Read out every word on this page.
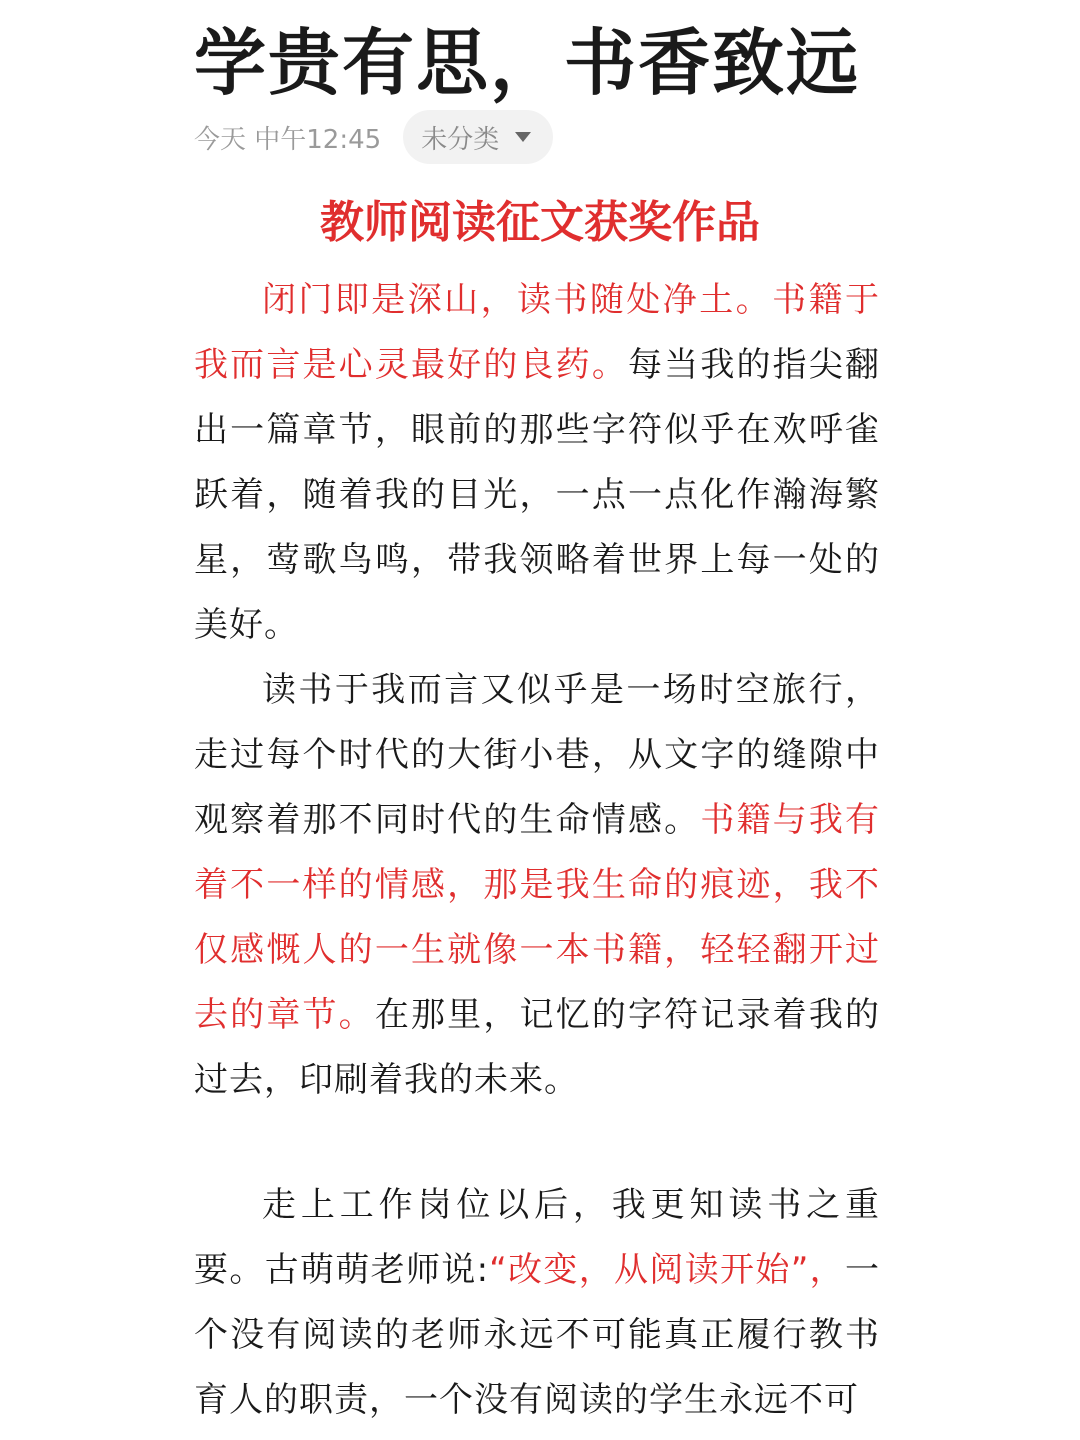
学贵有思，书香致远
今天 中午12:45 未分类
教师阅读征文获奖作品

闭门即是深山，读书随处净土。书籍于我而言是心灵最好的良药。每当我的指尖翻出一篇章节，眼前的那些字符似乎在欢呼雀跃着，随着我的目光，一点一点化作瀚海繁星，莺歌鸟鸣，带我领略着世界上每一处的美好。

读书于我而言又似乎是一场时空旅行，走过每个时代的大街小巷，从文字的缝隙中观察着那不同时代的生命情感。书籍与我有着不一样的情感，那是我生命的痕迹，我不仅感慨人的一生就像一本书籍，轻轻翻开过去的章节。在那里，记忆的字符记录着我的过去，印刷着我的未来。

走上工作岗位以后，我更知读书之重要。古萌萌老师说:“改变，从阅读开始”，一个没有阅读的老师永远不可能真正履行教书育人的职责，一个没有阅读的学生永远不可
